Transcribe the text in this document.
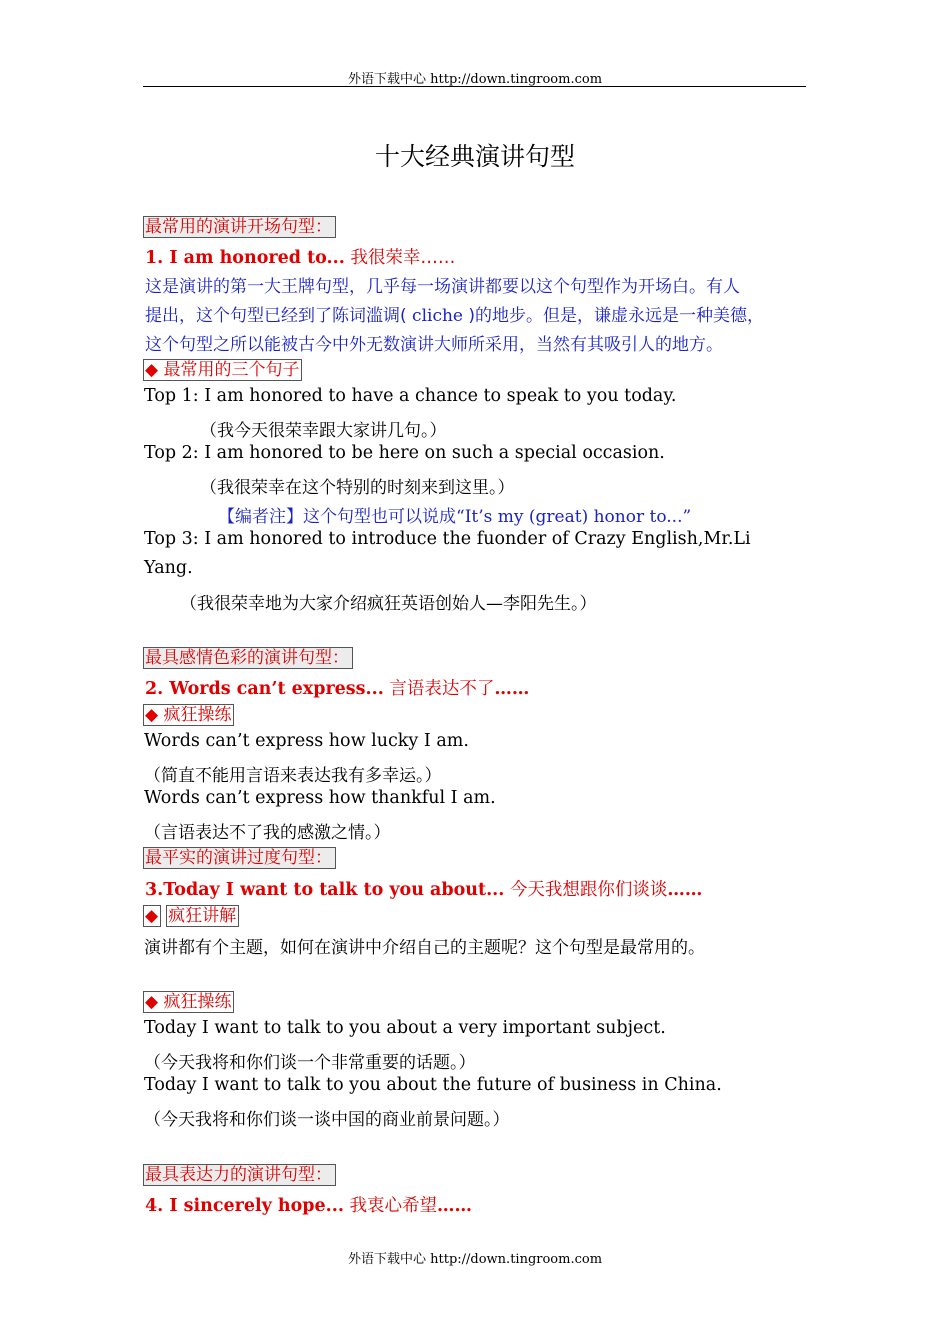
外语下载中心 http://down.tingroom.com
十大经典演讲句型
最常用的演讲开场句型：
1. I am honored to... 我很荣幸……
这是演讲的第一大王牌句型，几乎每一场演讲都要以这个句型作为开场白。有人
提出，这个句型已经到了陈词滥调( cliche )的地步。但是，谦虚永远是一种美德，
这个句型之所以能被古今中外无数演讲大师所采用，当然有其吸引人的地方。
◆ 最常用的三个句子
Top 1: I am honored to have a chance to speak to you today.
（我今天很荣幸跟大家讲几句。）
Top 2: I am honored to be here on such a special occasion.
（我很荣幸在这个特别的时刻来到这里。）
【编者注】这个句型也可以说成“It’s my (great) honor to...”
Top 3: I am honored to introduce the fuonder of Crazy English,Mr.Li
Yang.
（我很荣幸地为大家介绍疯狂英语创始人—李阳先生。）
最具感情色彩的演讲句型：
2. Words can’t express... 言语表达不了……
◆ 疯狂操练
Words can’t express how lucky I am.
（简直不能用言语来表达我有多幸运。）
Words can’t express how thankful I am.
（言语表达不了我的感激之情。）
最平实的演讲过度句型：
3.Today I want to talk to you about... 今天我想跟你们谈谈……
◆ 疯狂讲解
演讲都有个主题，如何在演讲中介绍自己的主题呢？这个句型是最常用的。
◆ 疯狂操练
Today I want to talk to you about a very important subject.
（今天我将和你们谈一个非常重要的话题。）
Today I want to talk to you about the future of business in China.
（今天我将和你们谈一谈中国的商业前景问题。）
最具表达力的演讲句型：
4. I sincerely hope... 我衷心希望……
外语下载中心 http://down.tingroom.com
